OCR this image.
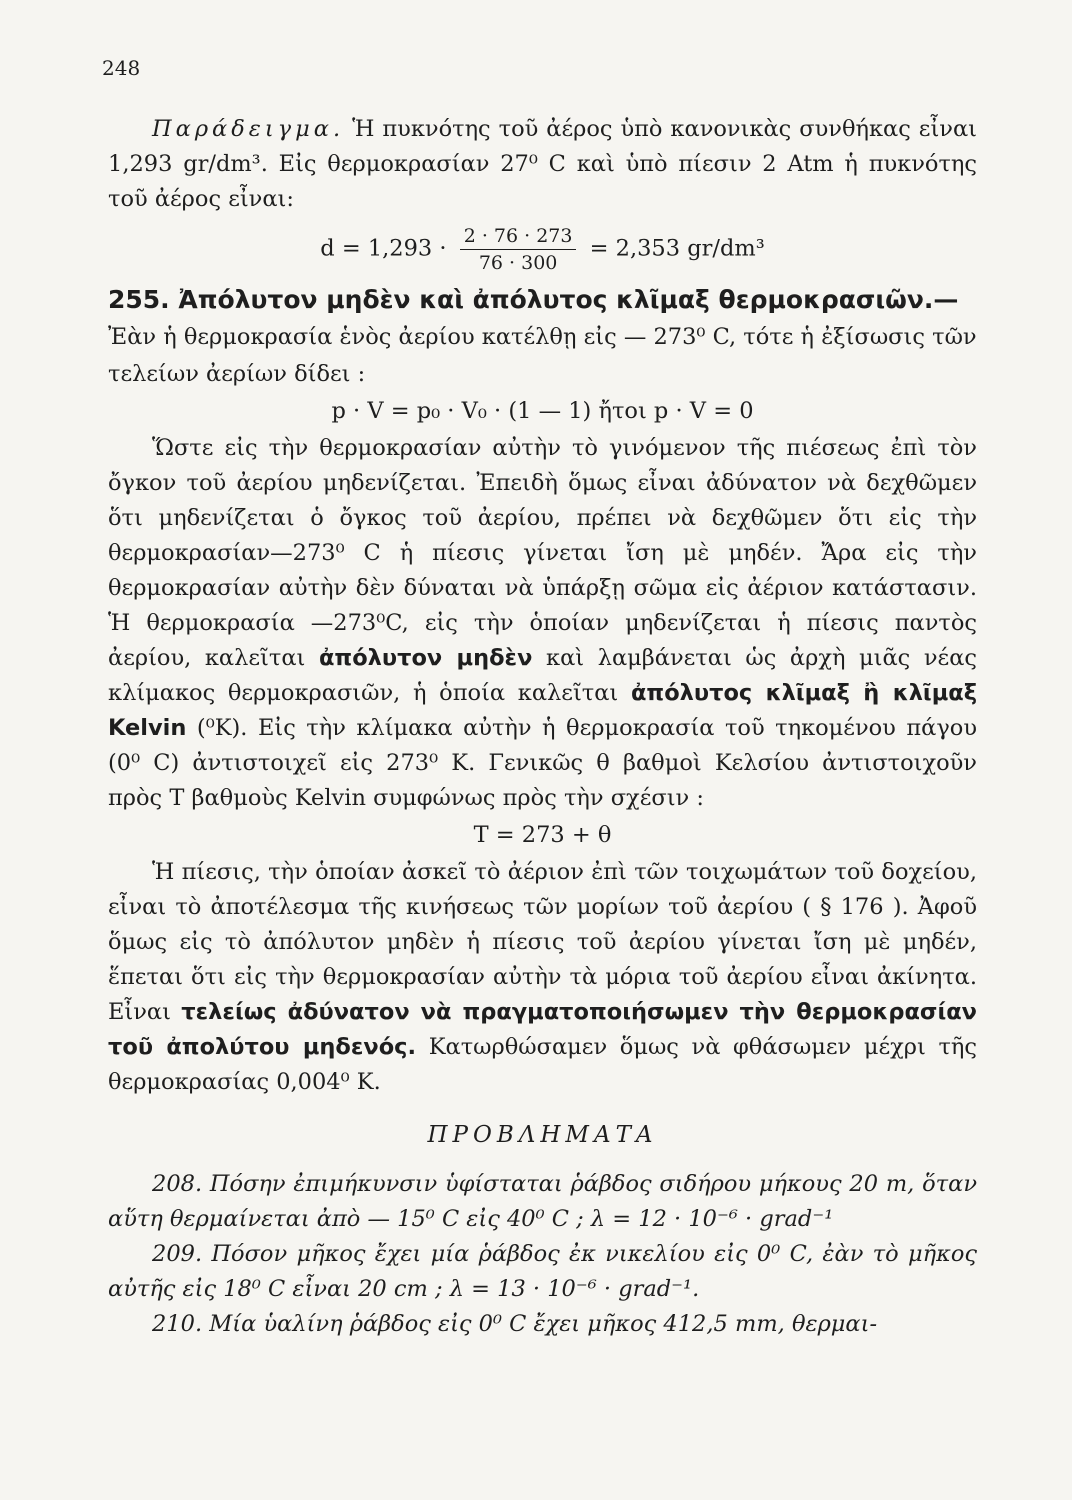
248

Παράδειγμα. Ἡ πυκνότης τοῦ ἀέρος ὑπὸ κανονικὰς συνθήκας εἶναι 1,293 gr/dm³. Εἰς θερμοκρασίαν 27⁰ C καὶ ὑπὸ πίεσιν 2 Atm ἡ πυκνότης τοῦ ἀέρος εἶναι:

$d = 1,293 \cdot \frac{2 \cdot 76 \cdot 273}{76 \cdot 300} = 2,353$ gr/dm³
255. Ἀπόλυτον μηδὲν καὶ ἀπόλυτος κλῖμαξ θερμοκρασιῶν.— Ἐὰν ἡ θερμοκρασία ἑνὸς ἀερίου κατέλθῃ εἰς — 273⁰ C, τότε ἡ ἐξίσωσις τῶν τελείων ἀερίων δίδει :
p · V = p₀ · V₀ · (1 — 1) ἤτοι p · V = 0

Ὥστε εἰς τὴν θερμοκρασίαν αὐτὴν τὸ γινόμενον τῆς πιέσεως ἐπὶ τὸν ὄγκον τοῦ ἀερίου μηδενίζεται. Ἐπειδὴ ὅμως εἶναι ἀδύνατον νὰ δεχθῶμεν ὅτι μηδενίζεται ὁ ὄγκος τοῦ ἀερίου, πρέπει νὰ δεχθῶμεν ὅτι εἰς τὴν θερμοκρασίαν—273⁰ C ἡ πίεσις γίνεται ἴση μὲ μηδέν. Ἄρα εἰς τὴν θερμοκρασίαν αὐτὴν δὲν δύναται νὰ ὑπάρξῃ σῶμα εἰς ἀέριον κατάστασιν. Ἡ θερμοκρασία —273⁰C, εἰς τὴν ὁποίαν μηδενίζεται ἡ πίεσις παντὸς ἀερίου, καλεῖται ἀπόλυτον μηδὲν καὶ λαμβάνεται ὡς ἀρχὴ μιᾶς νέας κλίμακος θερμοκρασιῶν, ἡ ὁποία καλεῖται ἀπόλυτος κλῖμαξ ἢ κλῖμαξ Kelvin (⁰K). Εἰς τὴν κλίμακα αὐτὴν ἡ θερμοκρασία τοῦ τηκομένου πάγου (0⁰ C) ἀντιστοιχεῖ εἰς 273⁰ K. Γενικῶς θ βαθμοὶ Κελσίου ἀντιστοιχοῦν πρὸς T βαθμοὺς Kelvin συμφώνως πρὸς τὴν σχέσιν :

T = 273 + θ

Ἡ πίεσις, τὴν ὁποίαν ἀσκεῖ τὸ ἀέριον ἐπὶ τῶν τοιχωμάτων τοῦ δοχείου, εἶναι τὸ ἀποτέλεσμα τῆς κινήσεως τῶν μορίων τοῦ ἀερίου ( § 176 ). Ἀφοῦ ὅμως εἰς τὸ ἀπόλυτον μηδὲν ἡ πίεσις τοῦ ἀερίου γίνεται ἴση μὲ μηδέν, ἕπεται ὅτι εἰς τὴν θερμοκρασίαν αὐτὴν τὰ μόρια τοῦ ἀερίου εἶναι ἀκίνητα. Εἶναι τελείως ἀδύνατον νὰ πραγματοποιήσωμεν τὴν θερμοκρασίαν τοῦ ἀπολύτου μηδενός. Κατωρθώσαμεν ὅμως νὰ φθάσωμεν μέχρι τῆς θερμοκρασίας 0,004⁰ K.

ΠΡΟΒΛΗΜΑΤΑ

208. Πόσην ἐπιμήκυνσιν ὑφίσταται ῥάβδος σιδήρου μήκους 20 m, ὅταν αὕτη θερμαίνεται ἀπὸ — 15⁰ C εἰς 40⁰ C ; λ = 12 · 10⁻⁶ · grad⁻¹

209. Πόσον μῆκος ἔχει μία ῥάβδος ἐκ νικελίου εἰς 0⁰ C, ἐὰν τὸ μῆκος αὐτῆς εἰς 18⁰ C εἶναι 20 cm ; λ = 13 · 10⁻⁶ · grad⁻¹.

210. Μία ὑαλίνη ῥάβδος εἰς 0⁰ C ἔχει μῆκος 412,5 mm, θερμαι-
